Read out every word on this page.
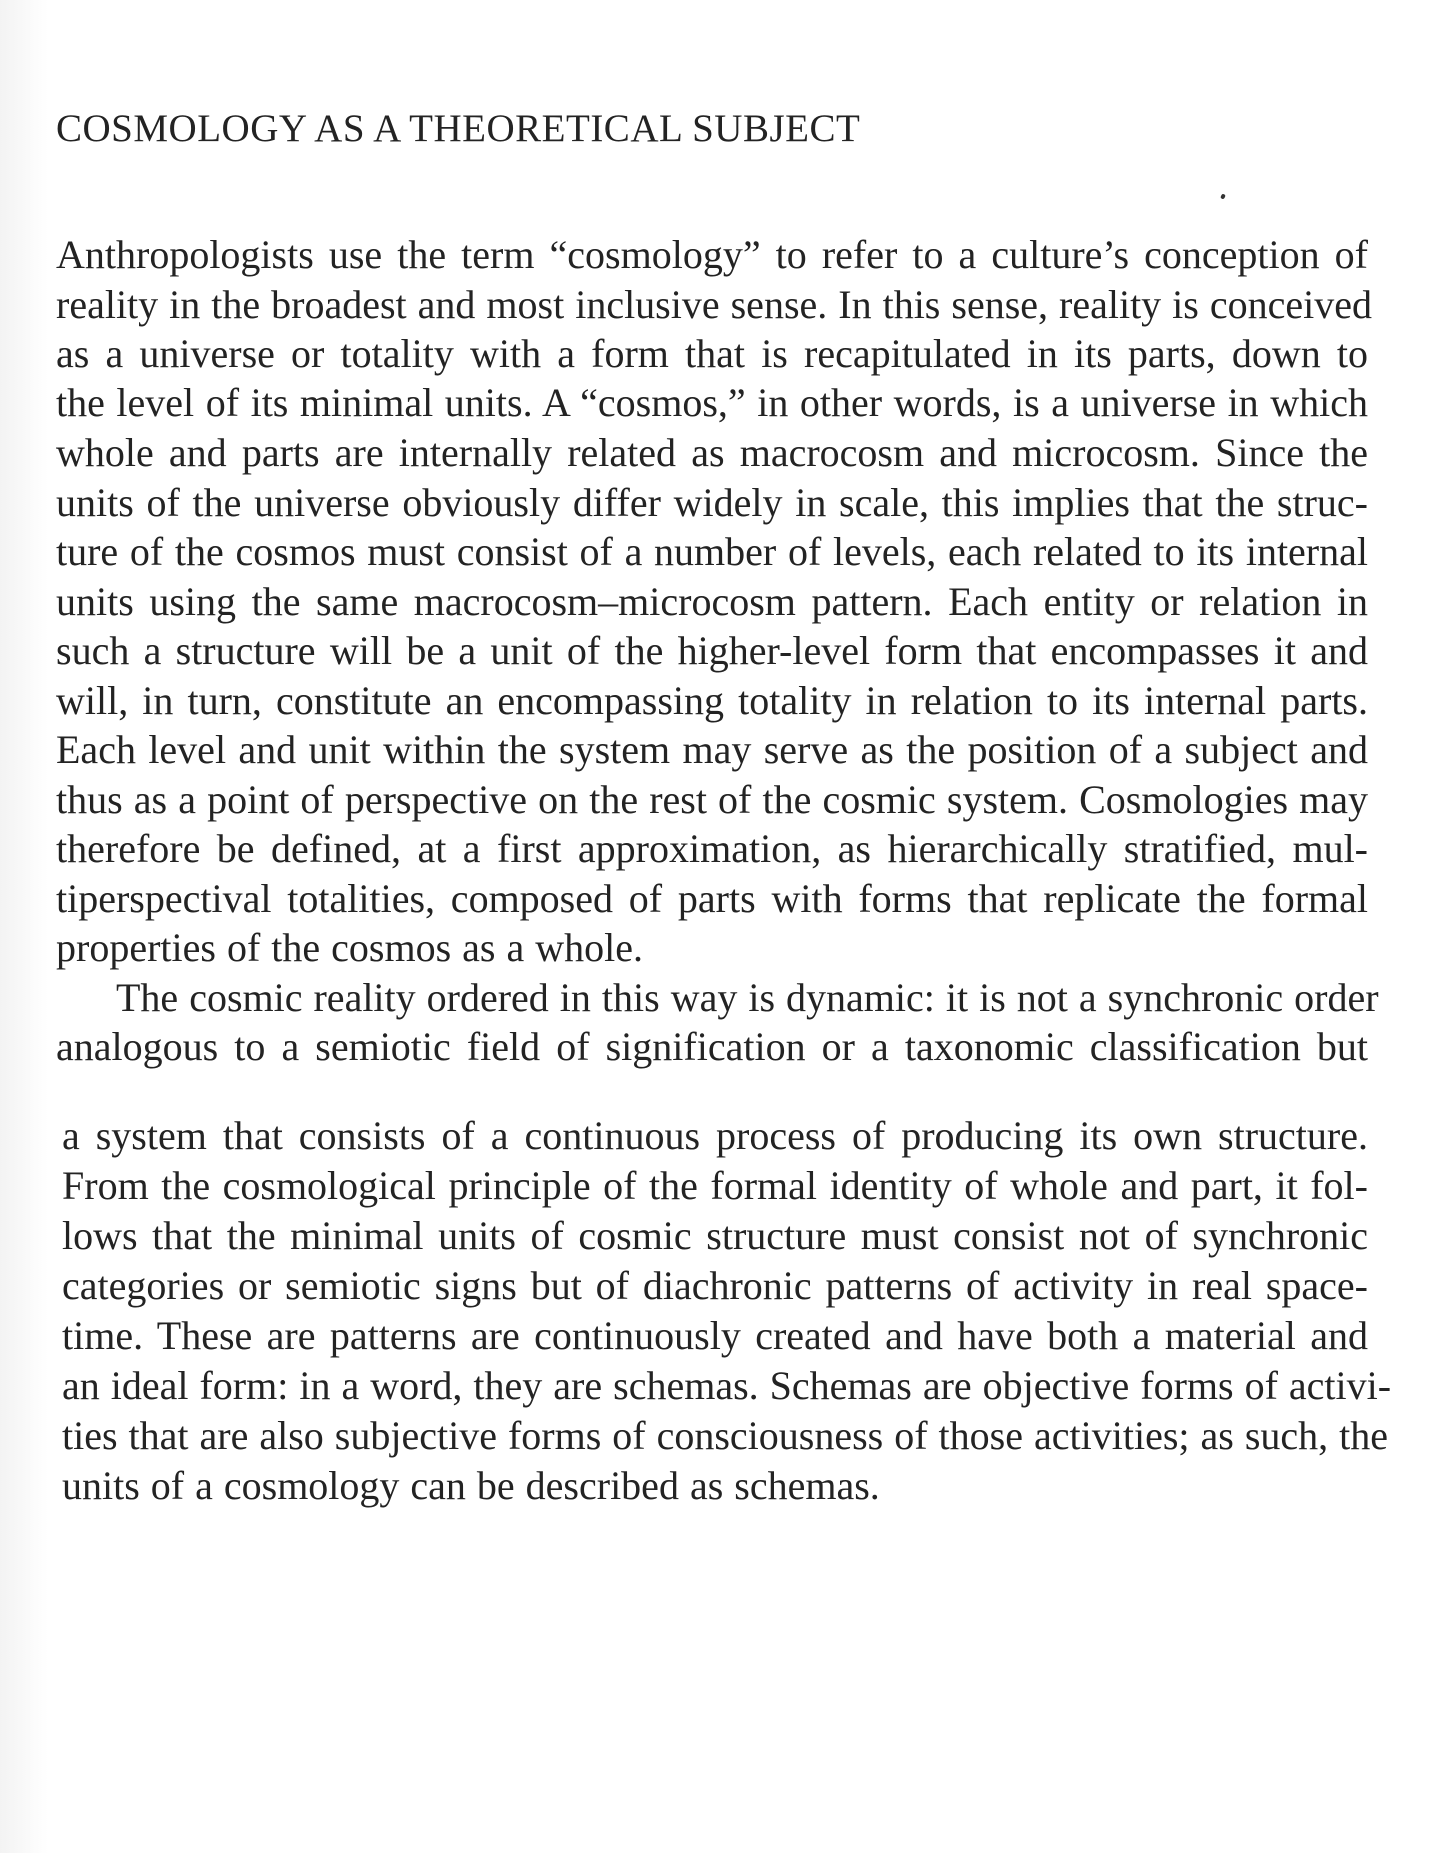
COSMOLOGY AS A THEORETICAL SUBJECT
Anthropologists use the term “cosmology” to refer to a culture’s conception of
reality in the broadest and most inclusive sense. In this sense, reality is conceived
as a universe or totality with a form that is recapitulated in its parts, down to
the level of its minimal units. A “cosmos,” in other words, is a universe in which
whole and parts are internally related as macrocosm and microcosm. Since the
units of the universe obviously differ widely in scale, this implies that the struc-
ture of the cosmos must consist of a number of levels, each related to its internal
units using the same macrocosm–microcosm pattern. Each entity or relation in
such a structure will be a unit of the higher-level form that encompasses it and
will, in turn, constitute an encompassing totality in relation to its internal parts.
Each level and unit within the system may serve as the position of a subject and
thus as a point of perspective on the rest of the cosmic system. Cosmologies may
therefore be defined, at a first approximation, as hierarchically stratified, mul-
tiperspectival totalities, composed of parts with forms that replicate the formal
properties of the cosmos as a whole.
The cosmic reality ordered in this way is dynamic: it is not a synchronic order
analogous to a semiotic field of signification or a taxonomic classification but
a system that consists of a continuous process of producing its own structure.
From the cosmological principle of the formal identity of whole and part, it fol-
lows that the minimal units of cosmic structure must consist not of synchronic
categories or semiotic signs but of diachronic patterns of activity in real space-
time. These are patterns are continuously created and have both a material and
an ideal form: in a word, they are schemas. Schemas are objective forms of activi-
ties that are also subjective forms of consciousness of those activities; as such, the
units of a cosmology can be described as schemas.
